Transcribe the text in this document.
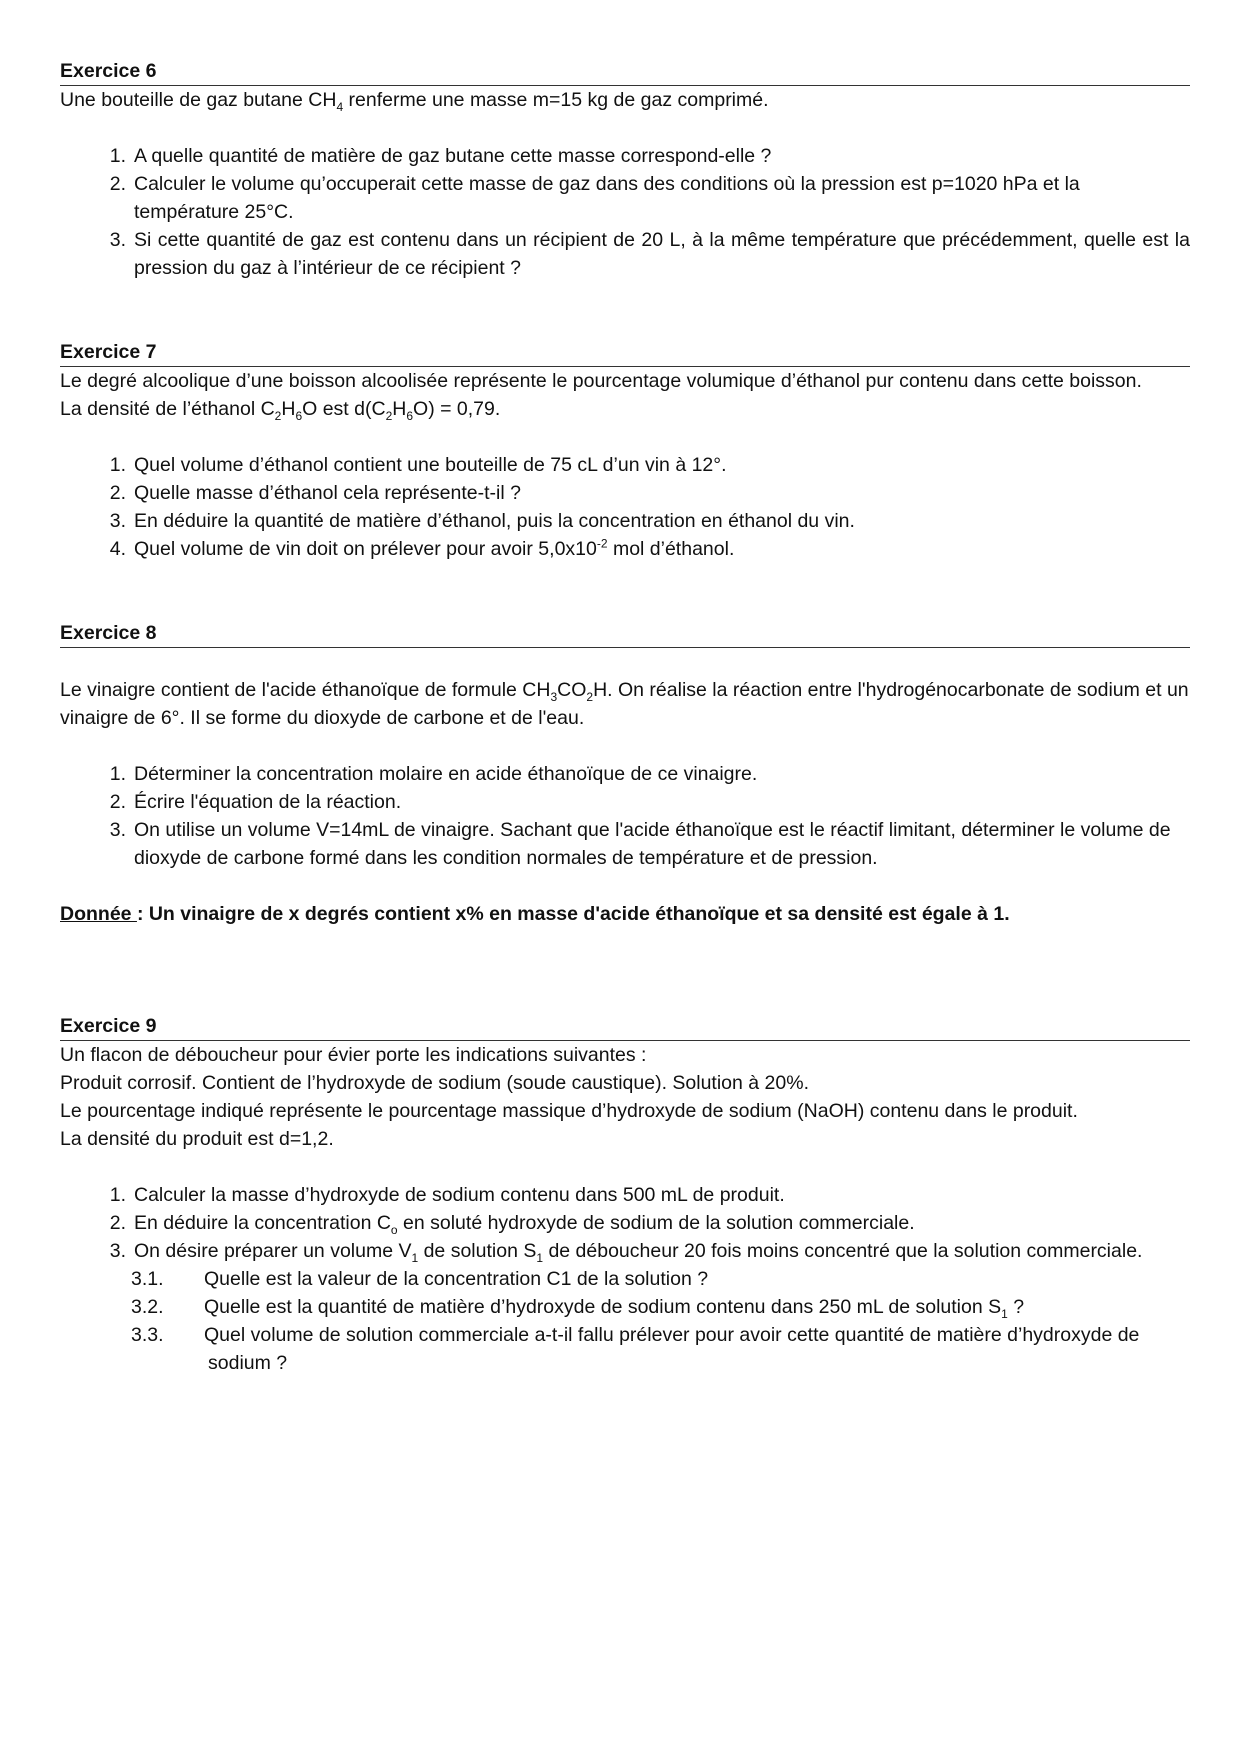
Exercice 6

Une bouteille de gaz butane $CH_4$ renferme une masse m=15 kg de gaz comprimé.

1. A quelle quantité de matière de gaz butane cette masse correspond-elle ?
2. Calculer le volume qu’occuperait cette masse de gaz dans des conditions où la pression est p=1020 hPa et la température 25°C.
3. Si cette quantité de gaz est contenu dans un récipient de 20 L, à la même température que précédemment, quelle est la pression du gaz à l’intérieur de ce récipient ?

Exercice 7

Le degré alcoolique d’une boisson alcoolisée représente le pourcentage volumique d’éthanol pur contenu dans cette boisson.

La densité de l’éthanol $C_2H_6O$ est $d(C_2H_6O) = 0,79$.

1. Quel volume d’éthanol contient une bouteille de 75 cL d’un vin à 12°.
2. Quelle masse d’éthanol cela représente-t-il ?
3. En déduire la quantité de matière d’éthanol, puis la concentration en éthanol du vin.
4. Quel volume de vin doit on prélever pour avoir $5,0x10^{-2}$ mol d’éthanol.

Exercice 8

Le vinaigre contient de l'acide éthanoïque de formule $CH_3CO_2H$. On réalise la réaction entre l'hydrogénocarbonate de sodium et un vinaigre de 6°. Il se forme du dioxyde de carbone et de l'eau.

1. Déterminer la concentration molaire en acide éthanoïque de ce vinaigre.
2. Écrire l'équation de la réaction.
3. On utilise un volume V=14mL de vinaigre. Sachant que l'acide éthanoïque est le réactif limitant, déterminer le volume de dioxyde de carbone formé dans les condition normales de température et de pression.

Donnée : Un vinaigre de x degrés contient x% en masse d'acide éthanoïque et sa densité est égale à 1.

Exercice 9

Un flacon de déboucheur pour évier porte les indications suivantes :

Produit corrosif. Contient de l’hydroxyde de sodium (soude caustique). Solution à 20%.

Le pourcentage indiqué représente le pourcentage massique d’hydroxyde de sodium (NaOH) contenu dans le produit.

La densité du produit est d=1,2.

1. Calculer la masse d’hydroxyde de sodium contenu dans 500 mL de produit.
2. En déduire la concentration $C_o$ en soluté hydroxyde de sodium de la solution commerciale.
3. On désire préparer un volume $V_1$ de solution $S_1$ de déboucheur 20 fois moins concentré que la solution commerciale.

3.1. Quelle est la valeur de la concentration C1 de la solution ?

3.2. Quelle est la quantité de matière d’hydroxyde de sodium contenu dans 250 mL de solution $S_1$ ?

3.3. Quel volume de solution commerciale a-t-il fallu prélever pour avoir cette quantité de matière d’hydroxyde de sodium ?
